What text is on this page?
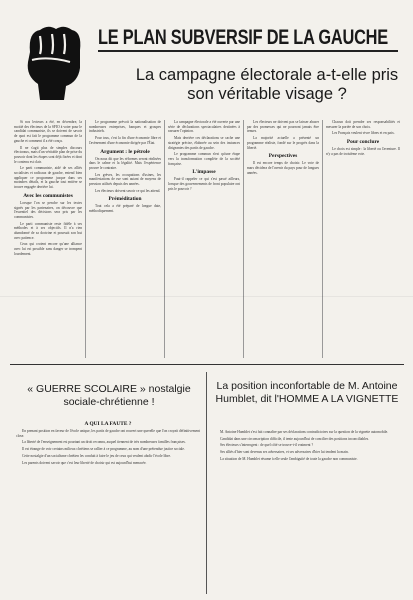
LE PLAN SUBVERSIF DE LA GAUCHE
La campagne électorale a-t-elle pris son véritable visage ?

Si nos lecteurs a été, en décembre, la moitié des électeurs de la SFIO à voter pour le candidat communiste, ils se doivent de savoir de quoi est fait le programme commun de la gauche et comment il a été conçu.

Il ne s'agit plus de simples discours électoraux, mais d'un véritable plan de prise du pouvoir dont les étapes sont déjà fixées et dont le contenu est clair.

Le parti communiste, aidé de ses alliés socialistes et radicaux de gauche, entend bien appliquer ce programme jusque dans ses moindres détails, et la gauche tout entière se trouve engagée derrière lui.

Avec les communistes

Lorsque l'on se penche sur les textes signés par les partenaires, on découvre que l'essentiel des décisions sera pris par les communistes.

Le parti communiste reste fidèle à ses méthodes et à ses objectifs. Il n'a rien abandonné de sa doctrine et poursuit son but avec patience.

Ceux qui croient encore qu'une alliance avec lui est possible sans danger se trompent lourdement.

Le programme prévoit la nationalisation de nombreuses entreprises, banques et groupes industriels.

Pour tous, c'est la fin d'une économie libre et l'avènement d'une économie dirigée par l'État.

Argument : le pétrole

On nous dit que les réformes seront réalisées dans le calme et la légalité. Mais l'expérience prouve le contraire.

Les grèves, les occupations d'usines, les manifestations de rue sont autant de moyens de pression utilisés depuis des années.

Les électeurs doivent savoir ce qui les attend.

Préméditation

Tout cela a été préparé de longue date, méthodiquement.

La campagne électorale a été ouverte par une série de déclarations spectaculaires destinées à rassurer l'opinion.

Mais derrière ces déclarations se cache une stratégie précise, élaborée au sein des instances dirigeantes des partis de gauche.

Le programme commun n'est qu'une étape vers la transformation complète de la société française.

L'impasse

Faut-il rappeler ce qui s'est passé ailleurs, lorsque des gouvernements de front populaire ont pris le pouvoir ?

Les électeurs ne doivent pas se laisser abuser par des promesses qui ne pourront jamais être tenues.

La majorité actuelle a présenté un programme réaliste, fondé sur le progrès dans la liberté.

Perspectives

Il est encore temps de choisir. Le vote de mars décidera de l'avenir du pays pour de longues années.

Chacun doit prendre ses responsabilités et mesurer la portée de son choix.

Les Français veulent vivre libres et en paix.

Pour conclure

Le choix est simple : la liberté ou l'aventure. Il n'y a pas de troisième voie.

« GUERRE SCOLAIRE » nostalgie sociale-chrétienne !
A QUI LA FAUTE ?

En prenant position en faveur de l'école unique, les partis de gauche ont rouvert une querelle que l'on croyait définitivement close.

La liberté de l'enseignement est pourtant un droit reconnu, auquel tiennent de très nombreuses familles françaises.

Il est étrange de voir certains milieux chrétiens se rallier à ce programme, au nom d'une prétendue justice sociale.

Cette nostalgie d'un socialisme chrétien les conduit à faire le jeu de ceux qui veulent abolir l'école libre.

Les parents doivent savoir que c'est leur liberté de choisir qui est aujourd'hui menacée.

La position inconfortable de M. Antoine Humblet, dit l'HOMME A LA VIGNETTE

M. Antoine Humblet s'est fait connaître par ses déclarations contradictoires sur la question de la vignette automobile.

Candidat dans une circonscription difficile, il tente aujourd'hui de concilier des positions inconciliables.

Ses électeurs s'interrogent : de quel côté se trouve-t-il vraiment ?

Ses alliés d'hier sont devenus ses adversaires, et ses adversaires d'hier lui tendent la main.

La situation de M. Humblet résume à elle seule l'ambiguïté de toute la gauche non communiste.
